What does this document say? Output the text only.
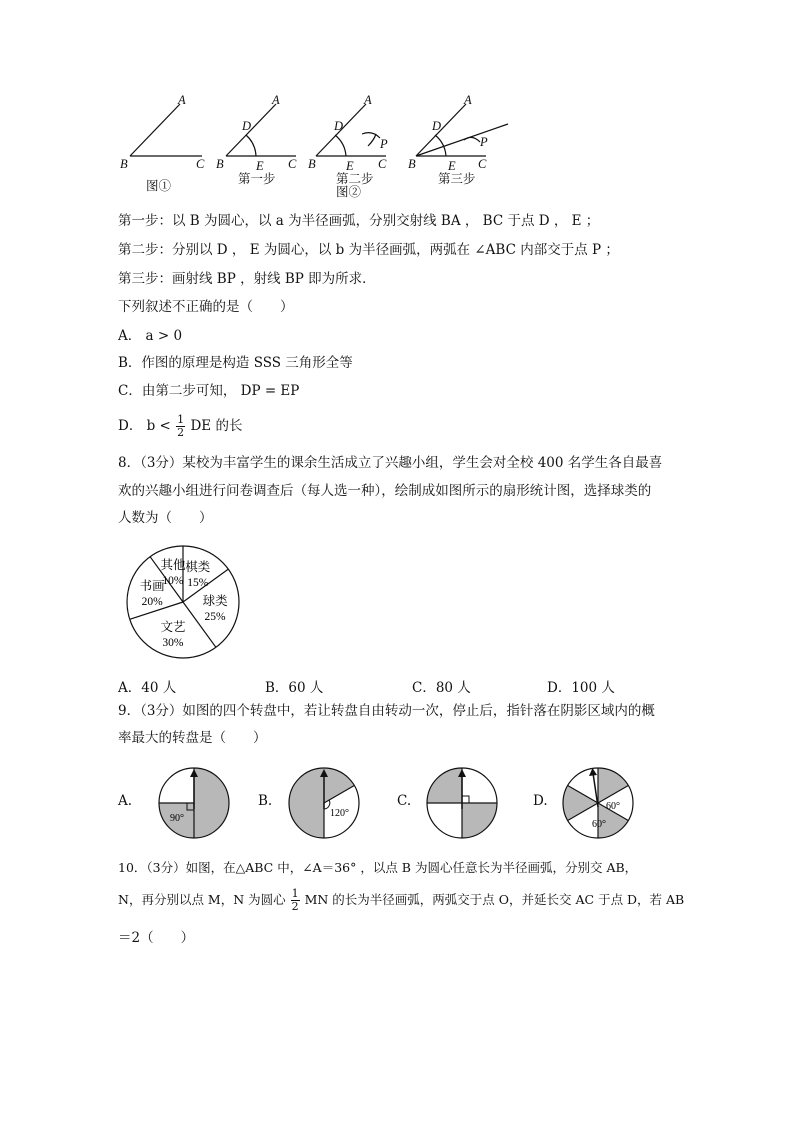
A
B	C
A
D
B	E C
A
D
P
B E C
A
D
P
B	E C
图①	第一步	第二步
图②
第三步
第一步：以 B 为圆心，以 a 为半径画弧，分别交射线 BA ， BC 于点 D ， E ；
第二步：分别以 D ， E 为圆心，以 b 为半径画弧，两弧在 ∠ABC 内部交于点 P ；
第三步：画射线 BP ，射线 BP 即为所求．
下列叙述不正确的是（　　）
A． a > 0
B．作图的原理是构造 SSS 三角形全等
C．由第二步可知， DP = EP
D． $b < \frac{1}{2}$ DE 的长
8．（3分）某校为丰富学生的课余生活成立了兴趣小组，学生会对全校 400 名学生各自最喜
欢的兴趣小组进行问卷调查后（每人选一种），绘制成如图所示的扇形统计图，选择球类的
人数为（　　）
棋类
15%
球类
25%
文艺
30%
书画
20%
其他
10%
A．40 人	B．60 人	C．80 人	D．100 人
9．（3分）如图的四个转盘中，若让转盘自由转动一次，停止后，指针落在阴影区域内的概
率最大的转盘是（　　）
A.
90°
B.
120°
C.	D.	60°
60°
10．（3分）如图，在△ABC 中，∠A＝36° ，以点 B 为圆心任意长为半径画弧，分别交 AB，
N，再分别以点 M，N 为圆心 $\frac{1}{2}$ MN 的长为半径画弧，两弧交于点 O，并延长交 AC 于点 D，若 AB
＝2（　　）
